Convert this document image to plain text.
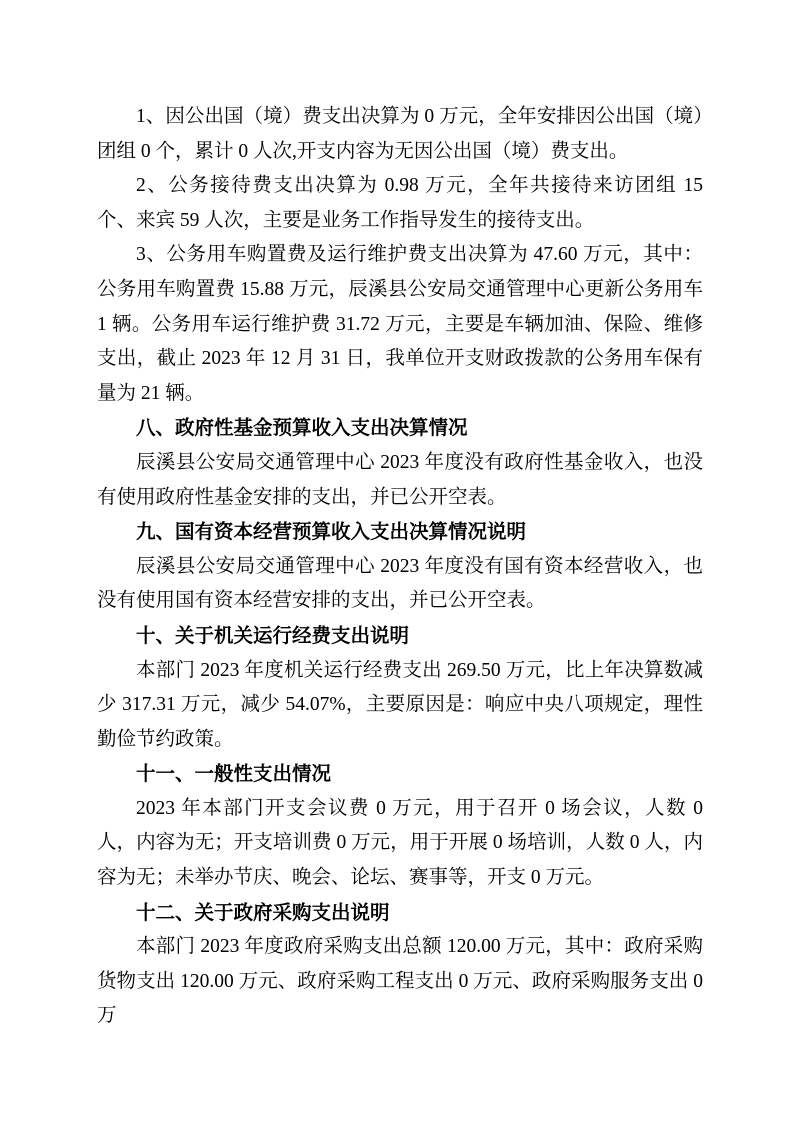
1、因公出国（境）费支出决算为 0 万元，全年安排因公出国（境）团组 0 个，累计 0 人次,开支内容为无因公出国（境）费支出。

2、公务接待费支出决算为 0.98 万元，全年共接待来访团组 15 个、来宾 59 人次，主要是业务工作指导发生的接待支出。

3、公务用车购置费及运行维护费支出决算为 47.60 万元，其中：公务用车购置费 15.88 万元，辰溪县公安局交通管理中心更新公务用车 1 辆。公务用车运行维护费 31.72 万元，主要是车辆加油、保险、维修支出，截止 2023 年 12 月 31 日，我单位开支财政拨款的公务用车保有量为 21 辆。

八、政府性基金预算收入支出决算情况

辰溪县公安局交通管理中心 2023 年度没有政府性基金收入，也没有使用政府性基金安排的支出，并已公开空表。

九、国有资本经营预算收入支出决算情况说明

辰溪县公安局交通管理中心 2023 年度没有国有资本经营收入，也没有使用国有资本经营安排的支出，并已公开空表。

十、关于机关运行经费支出说明

本部门 2023 年度机关运行经费支出 269.50 万元，比上年决算数减少 317.31 万元，减少 54.07%，主要原因是：响应中央八项规定，理性勤俭节约政策。

十一、一般性支出情况

2023 年本部门开支会议费 0 万元，用于召开 0 场会议，人数 0 人，内容为无；开支培训费 0 万元，用于开展 0 场培训，人数 0 人，内容为无；未举办节庆、晚会、论坛、赛事等，开支 0 万元。

十二、关于政府采购支出说明

本部门 2023 年度政府采购支出总额 120.00 万元，其中：政府采购货物支出 120.00 万元、政府采购工程支出 0 万元、政府采购服务支出 0 万
